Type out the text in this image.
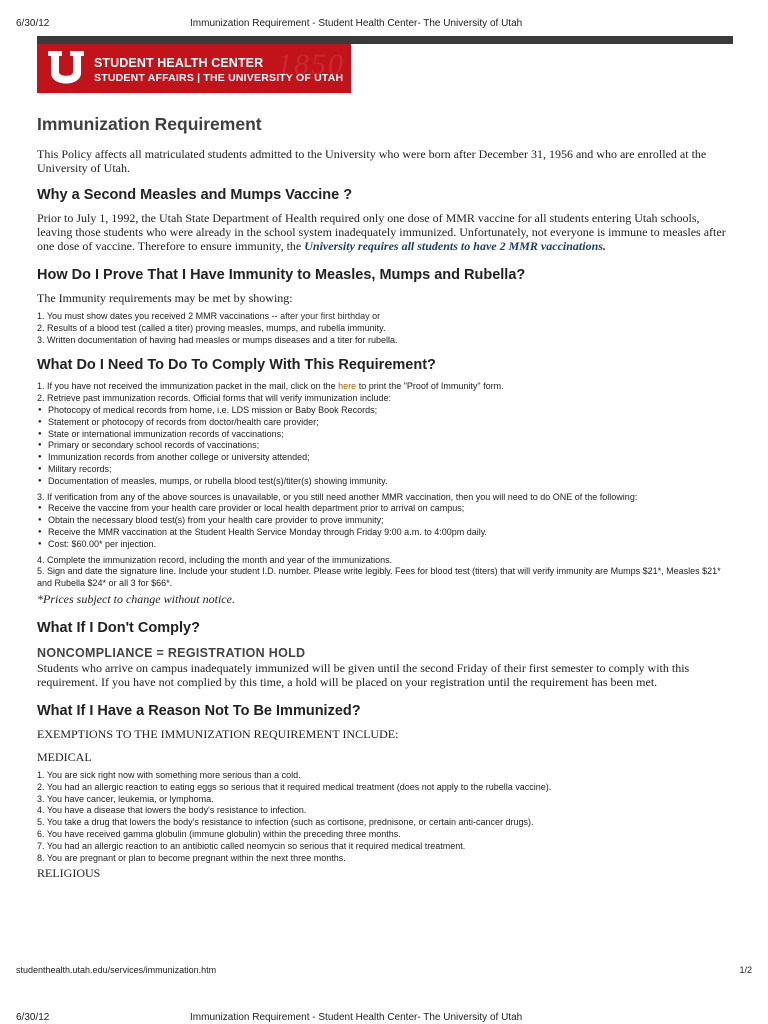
6/30/12	Immunization Requirement - Student Health Center- The University of Utah
1850
STUDENT HEALTH CENTER
STUDENT AFFAIRS | THE UNIVERSITY OF UTAH
Immunization Requirement

This Policy affects all matriculated students admitted to the University who were born after December 31, 1956 and who are enrolled at the University of Utah.

Why a Second Measles and Mumps Vaccine ?

Prior to July 1, 1992, the Utah State Department of Health required only one dose of MMR vaccine for all students entering Utah schools, leaving those students who were already in the school system inadequately immunized. Unfortunately, not everyone is immune to measles after one dose of vaccine. Therefore to ensure immunity, the University requires all students to have 2 MMR vaccinations.

How Do I Prove That I Have Immunity to Measles, Mumps and Rubella?

The Immunity requirements may be met by showing:

1. You must show dates you received 2 MMR vaccinations -- after your first birthday or
2. Results of a blood test (called a titer) proving measles, mumps, and rubella immunity.
3. Written documentation of having had measles or mumps diseases and a titer for rubella.
What Do I Need To Do To Comply With This Requirement?
1. If you have not received the immunization packet in the mail, click on the here to print the "Proof of Immunity" form.
2. Retrieve past immunization records. Official forms that will verify immunization include:
● Photocopy of medical records from home, i.e. LDS mission or Baby Book Records;
● Statement or photocopy of records from doctor/health care provider;
● State or international immunization records of vaccinations;
● Primary or secondary school records of vaccinations;
● Immunization records from another college or university attended;
● Military records;
● Documentation of measles, mumps, or rubella blood test(s)/titer(s) showing immunity.
3. If verification from any of the above sources is unavailable, or you still need another MMR vaccination, then you will need to do ONE of the following:
● Receive the vaccine from your health care provider or local health department prior to arrival on campus;
● Obtain the necessary blood test(s) from your health care provider to prove immunity;
● Receive the MMR vaccination at the Student Health Service Monday through Friday 9:00 a.m. to 4:00pm daily.
● Cost: $60.00* per injection.
4. Complete the immunization record, including the month and year of the immunizations.
5. Sign and date the signature line. Include your student I.D. number. Please write legibly. Fees for blood test (titers) that will verify immunity are Mumps $21*, Measles $21* and Rubella $24* or all 3 for $66*.

*Prices subject to change without notice.

What If I Don't Comply?
NONCOMPLIANCE = REGISTRATION HOLD

Students who arrive on campus inadequately immunized will be given until the second Friday of their first semester to comply with this requirement. If you have not complied by this time, a hold will be placed on your registration until the requirement has been met.

What If I Have a Reason Not To Be Immunized?

EXEMPTIONS TO THE IMMUNIZATION REQUIREMENT INCLUDE:

MEDICAL

1. You are sick right now with something more serious than a cold.
2. You had an allergic reaction to eating eggs so serious that it required medical treatment (does not apply to the rubella vaccine).
3. You have cancer, leukemia, or lymphoma.
4. You have a disease that lowers the body's resistance to infection.
5. You take a drug that lowers the body's resistance to infection (such as cortisone, prednisone, or certain anti-cancer drugs).
6. You have received gamma globulin (immune globulin) within the preceding three months.
7. You had an allergic reaction to an antibiotic called neomycin so serious that it required medical treatment.
8. You are pregnant or plan to become pregnant within the next three months.

RELIGIOUS

studenthealth.utah.edu/services/immunization.htm	1/2
6/30/12	Immunization Requirement - Student Health Center- The University of Utah
